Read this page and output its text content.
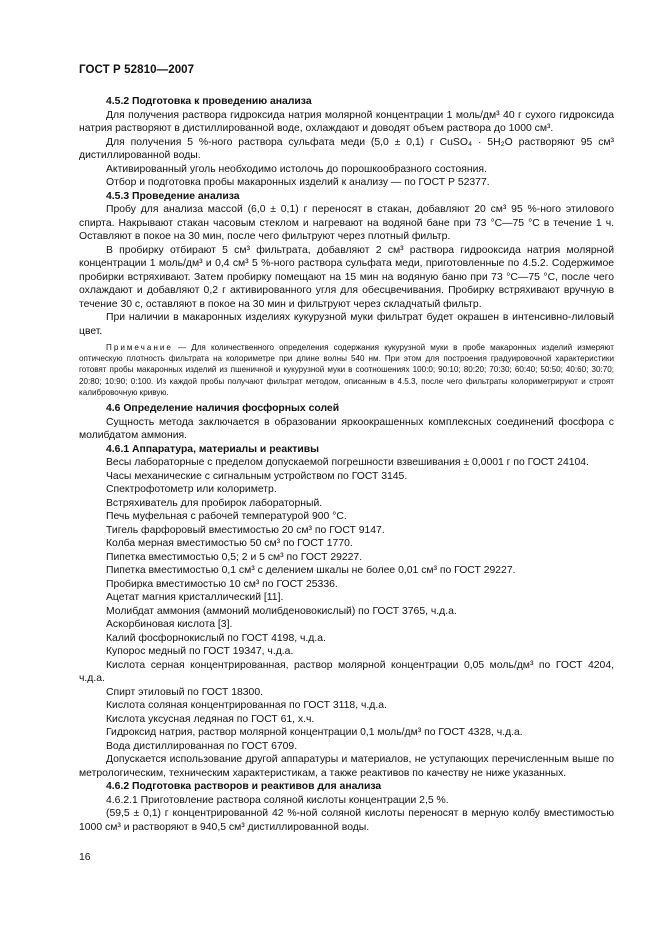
ГОСТ Р 52810—2007

4.5.2 Подготовка к проведению анализа

Для получения раствора гидроксида натрия молярной концентрации 1 моль/дм³ 40 г сухого гидроксида натрия растворяют в дистиллированной воде, охлаждают и доводят объем раствора до 1000 см³.

Для получения 5 %-ного раствора сульфата меди (5,0 ± 0,1) г CuSO₄ · 5H₂O растворяют 95 см³ дистиллированной воды.

Активированный уголь необходимо истолочь до порошкообразного состояния.

Отбор и подготовка пробы макаронных изделий к анализу — по ГОСТ Р 52377.

4.5.3 Проведение анализа

Пробу для анализа массой (6,0 ± 0,1) г переносят в стакан, добавляют 20 см³ 95 %-ного этилового спирта. Накрывают стакан часовым стеклом и нагревают на водяной бане при 73 °C—75 °C в течение 1 ч. Оставляют в покое на 30 мин, после чего фильтруют через плотный фильтр.

В пробирку отбирают 5 см³ фильтрата, добавляют 2 см³ раствора гидрооксида натрия молярной концентрации 1 моль/дм³ и 0,4 см³ 5 %-ного раствора сульфата меди, приготовленные по 4.5.2. Содержимое пробирки встряхивают. Затем пробирку помещают на 15 мин на водяную баню при 73 °C—75 °C, после чего охлаждают и добавляют 0,2 г активированного угля для обесцвечивания. Пробирку встряхивают вручную в течение 30 с, оставляют в покое на 30 мин и фильтруют через складчатый фильтр.

При наличии в макаронных изделиях кукурузной муки фильтрат будет окрашен в интенсивно-лиловый цвет.

Примечание — Для количественного определения содержания кукурузной муки в пробе макаронных изделий измеряют оптическую плотность фильтрата на колориметре при длине волны 540 нм. При этом для построения градуировочной характеристики готовят пробы макаронных изделий из пшеничной и кукурузной муки в соотношениях 100:0; 90:10; 80:20; 70:30; 60:40; 50:50; 40:60; 30:70; 20:80; 10:90; 0:100. Из каждой пробы получают фильтрат методом, описанным в 4.5.3, после чего фильтраты колориметрируют и строят калибровочную кривую.

4.6 Определение наличия фосфорных солей

Сущность метода заключается в образовании яркоокрашенных комплексных соединений фосфора с молибдатом аммония.

4.6.1 Аппаратура, материалы и реактивы

Весы лабораторные с пределом допускаемой погрешности взвешивания ± 0,0001 г по ГОСТ 24104.

Часы механические с сигнальным устройством по ГОСТ 3145.

Спектрофотометр или колориметр.

Встряхиватель для пробирок лабораторный.

Печь муфельная с рабочей температурой 900 °C.

Тигель фарфоровый вместимостью 20 см³ по ГОСТ 9147.

Колба мерная вместимостью 50 см³ по ГОСТ 1770.

Пипетка вместимостью 0,5; 2 и 5 см³ по ГОСТ 29227.

Пипетка вместимостью 0,1 см³ с делением шкалы не более 0,01 см³ по ГОСТ 29227.

Пробирка вместимостью 10 см³ по ГОСТ 25336.

Ацетат магния кристаллический [11].

Молибдат аммония (аммоний молибденовокислый) по ГОСТ 3765, ч.д.а.

Аскорбиновая кислота [3].

Калий фосфорнокислый по ГОСТ 4198, ч.д.а.

Купорос медный по ГОСТ 19347, ч.д.а.

Кислота серная концентрированная, раствор молярной концентрации 0,05 моль/дм³ по ГОСТ 4204, ч.д.а.

Спирт этиловый по ГОСТ 18300.

Кислота соляная концентрированная по ГОСТ 3118, ч.д.а.

Кислота уксусная ледяная по ГОСТ 61, х.ч.

Гидроксид натрия, раствор молярной концентрации 0,1 моль/дм³ по ГОСТ 4328, ч.д.а.

Вода дистиллированная по ГОСТ 6709.

Допускается использование другой аппаратуры и материалов, не уступающих перечисленным выше по метрологическим, техническим характеристикам, а также реактивов по качеству не ниже указанных.

4.6.2 Подготовка растворов и реактивов для анализа

4.6.2.1 Приготовление раствора соляной кислоты концентрации 2,5 %.

(59,5 ± 0,1) г концентрированной 42 %-ной соляной кислоты переносят в мерную колбу вместимостью 1000 см³ и растворяют в 940,5 см³ дистиллированной воды.

16
